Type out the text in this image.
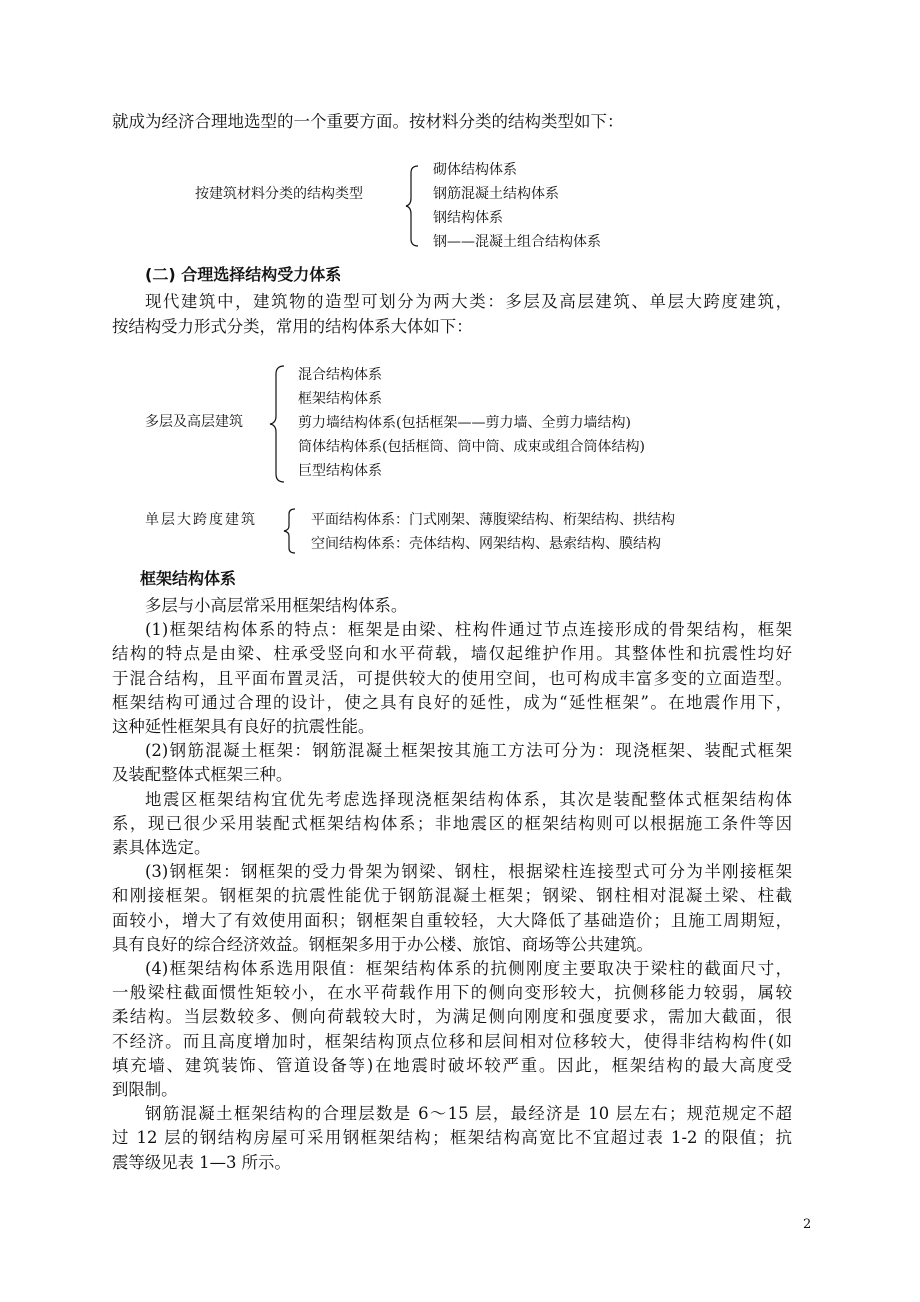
就成为经济合理地选型的一个重要方面。按材料分类的结构类型如下：
按建筑材料分类的结构类型
砌体结构体系
钢筋混凝土结构体系
钢结构体系
钢——混凝土组合结构体系
(二) 合理选择结构受力体系
现代建筑中，建筑物的造型可划分为两大类：多层及高层建筑、单层大跨度建筑，
按结构受力形式分类，常用的结构体系大体如下：
多层及高层建筑
混合结构体系
框架结构体系
剪力墙结构体系(包括框架——剪力墙、全剪力墙结构)
筒体结构体系(包括框筒、筒中筒、成束或组合筒体结构)
巨型结构体系
单层大跨度建筑	平面结构体系：门式刚架、薄腹梁结构、桁架结构、拱结构
空间结构体系：壳体结构、网架结构、悬索结构、膜结构
框架结构体系
多层与小高层常采用框架结构体系。
(1)框架结构体系的特点：框架是由梁、柱构件通过节点连接形成的骨架结构，框架
结构的特点是由梁、柱承受竖向和水平荷载，墙仅起维护作用。其整体性和抗震性均好
于混合结构，且平面布置灵活，可提供较大的使用空间，也可构成丰富多变的立面造型。
框架结构可通过合理的设计，使之具有良好的延性，成为“延性框架”。在地震作用下，
这种延性框架具有良好的抗震性能。
(2)钢筋混凝土框架：钢筋混凝土框架按其施工方法可分为：现浇框架、装配式框架
及装配整体式框架三种。
地震区框架结构宜优先考虑选择现浇框架结构体系，其次是装配整体式框架结构体
系，现已很少采用装配式框架结构体系；非地震区的框架结构则可以根据施工条件等因
素具体选定。
(3)钢框架：钢框架的受力骨架为钢梁、钢柱，根据梁柱连接型式可分为半刚接框架
和刚接框架。钢框架的抗震性能优于钢筋混凝土框架；钢梁、钢柱相对混凝土梁、柱截
面较小，增大了有效使用面积；钢框架自重较轻，大大降低了基础造价；且施工周期短，
具有良好的综合经济效益。钢框架多用于办公楼、旅馆、商场等公共建筑。
(4)框架结构体系选用限值：框架结构体系的抗侧刚度主要取决于梁柱的截面尺寸，
一般梁柱截面惯性矩较小，在水平荷载作用下的侧向变形较大，抗侧移能力较弱，属较
柔结构。当层数较多、侧向荷载较大时，为满足侧向刚度和强度要求，需加大截面，很
不经济。而且高度增加时，框架结构顶点位移和层间相对位移较大，使得非结构构件(如
填充墙、建筑装饰、管道设备等)在地震时破坏较严重。因此，框架结构的最大高度受
到限制。
钢筋混凝土框架结构的合理层数是 6～15 层，最经济是 10 层左右；规范规定不超
过 12 层的钢结构房屋可采用钢框架结构；框架结构高宽比不宜超过表 1-2 的限值；抗
震等级见表 1—3 所示。
2
